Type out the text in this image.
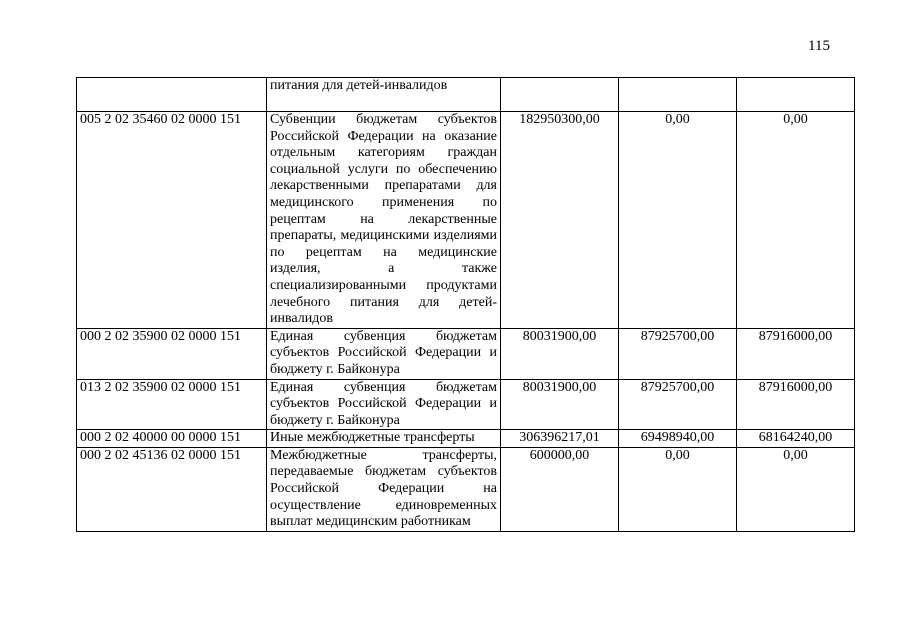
115
	питания для детей-инвалидов			
005 2 02 35460 02 0000 151	Субвенции бюджетам субъектов Российской Федерации на оказание отдельным категориям граждан социальной услуги по обеспечению лекарственными препаратами для медицинского применения по рецептам на лекарственные препараты, медицинскими изделиями по рецептам на медицинские изделия, а также специализированными продуктами лечебного питания для детей-инвалидов	182950300,00	0,00	0,00
000 2 02 35900 02 0000 151	Единая субвенция бюджетам субъектов Российской Федерации и бюджету г. Байконура	80031900,00	87925700,00	87916000,00
013 2 02 35900 02 0000 151	Единая субвенция бюджетам субъектов Российской Федерации и бюджету г. Байконура	80031900,00	87925700,00	87916000,00
000 2 02 40000 00 0000 151	Иные межбюджетные трансферты	306396217,01	69498940,00	68164240,00
000 2 02 45136 02 0000 151	Межбюджетные трансферты, передаваемые бюджетам субъектов Российской Федерации на осуществление единовременных выплат медицинским работникам	600000,00	0,00	0,00
